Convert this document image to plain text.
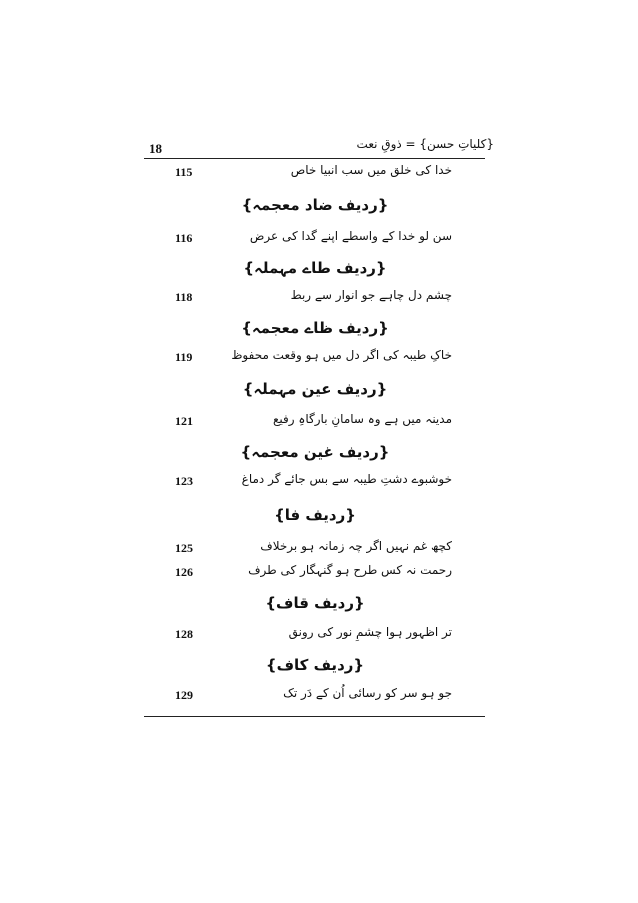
18	{کلیاتِ حسن} = ذوقِ نعت
خدا کی خلق میں سب انبیا خاص
115
{ردیف ضاد معجمہ}
سن لو خدا کے واسطے اپنے گدا کی عرض
116
{ردیف طاے مہملہ}
چشم دل چاہے جو انوار سے ربط
118
{ردیف ظاے معجمہ}
خاکِ طیبہ کی اگر دل میں ہو وقعت محفوظ
119
{ردیف عین مہملہ}
مدینہ میں ہے وہ سامانِ بارگاہِ رفیع
121
{ردیف غین معجمہ}
خوشبوے دشتِ طیبہ سے بس جائے گر دماغ
123
{ردیف فا}
کچھ غم نہیں اگر چہ زمانہ ہو برخلاف
125
رحمت نہ کس طرح ہو گنہگار کی طرف
126
{ردیف قاف}
تر اظہور ہوا چشمِ نور کی رونق
128
{ردیف کاف}
جو ہو سر کو رسائی اُن کے دَر تک
129
